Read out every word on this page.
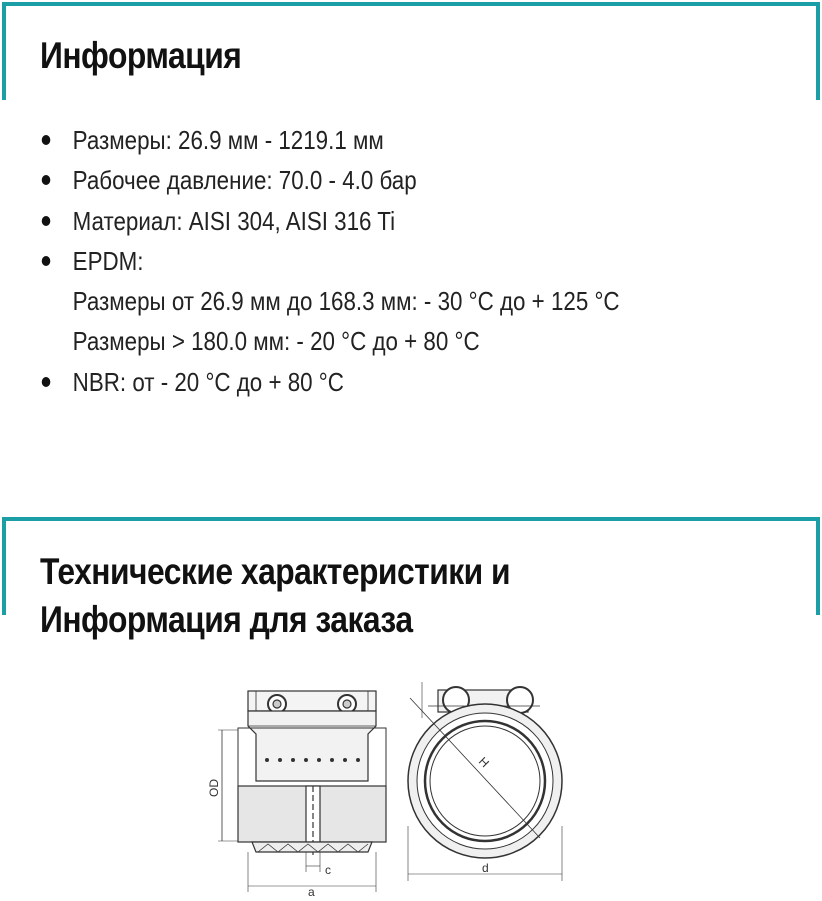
Информация
Размеры: 26.9 мм - 1219.1 мм
Рабочее давление: 70.0 - 4.0 бар
Материал: AISI 304, AISI 316 Ti
EPDM:
Размеры от 26.9 мм до 168.3 мм: - 30 °C до + 125 °C
Размеры > 180.0 мм: - 20 °C до + 80 °C
NBR: от - 20 °C до + 80 °C
Технические характеристики и
Информация для заказа
OD
c
a
H
d
